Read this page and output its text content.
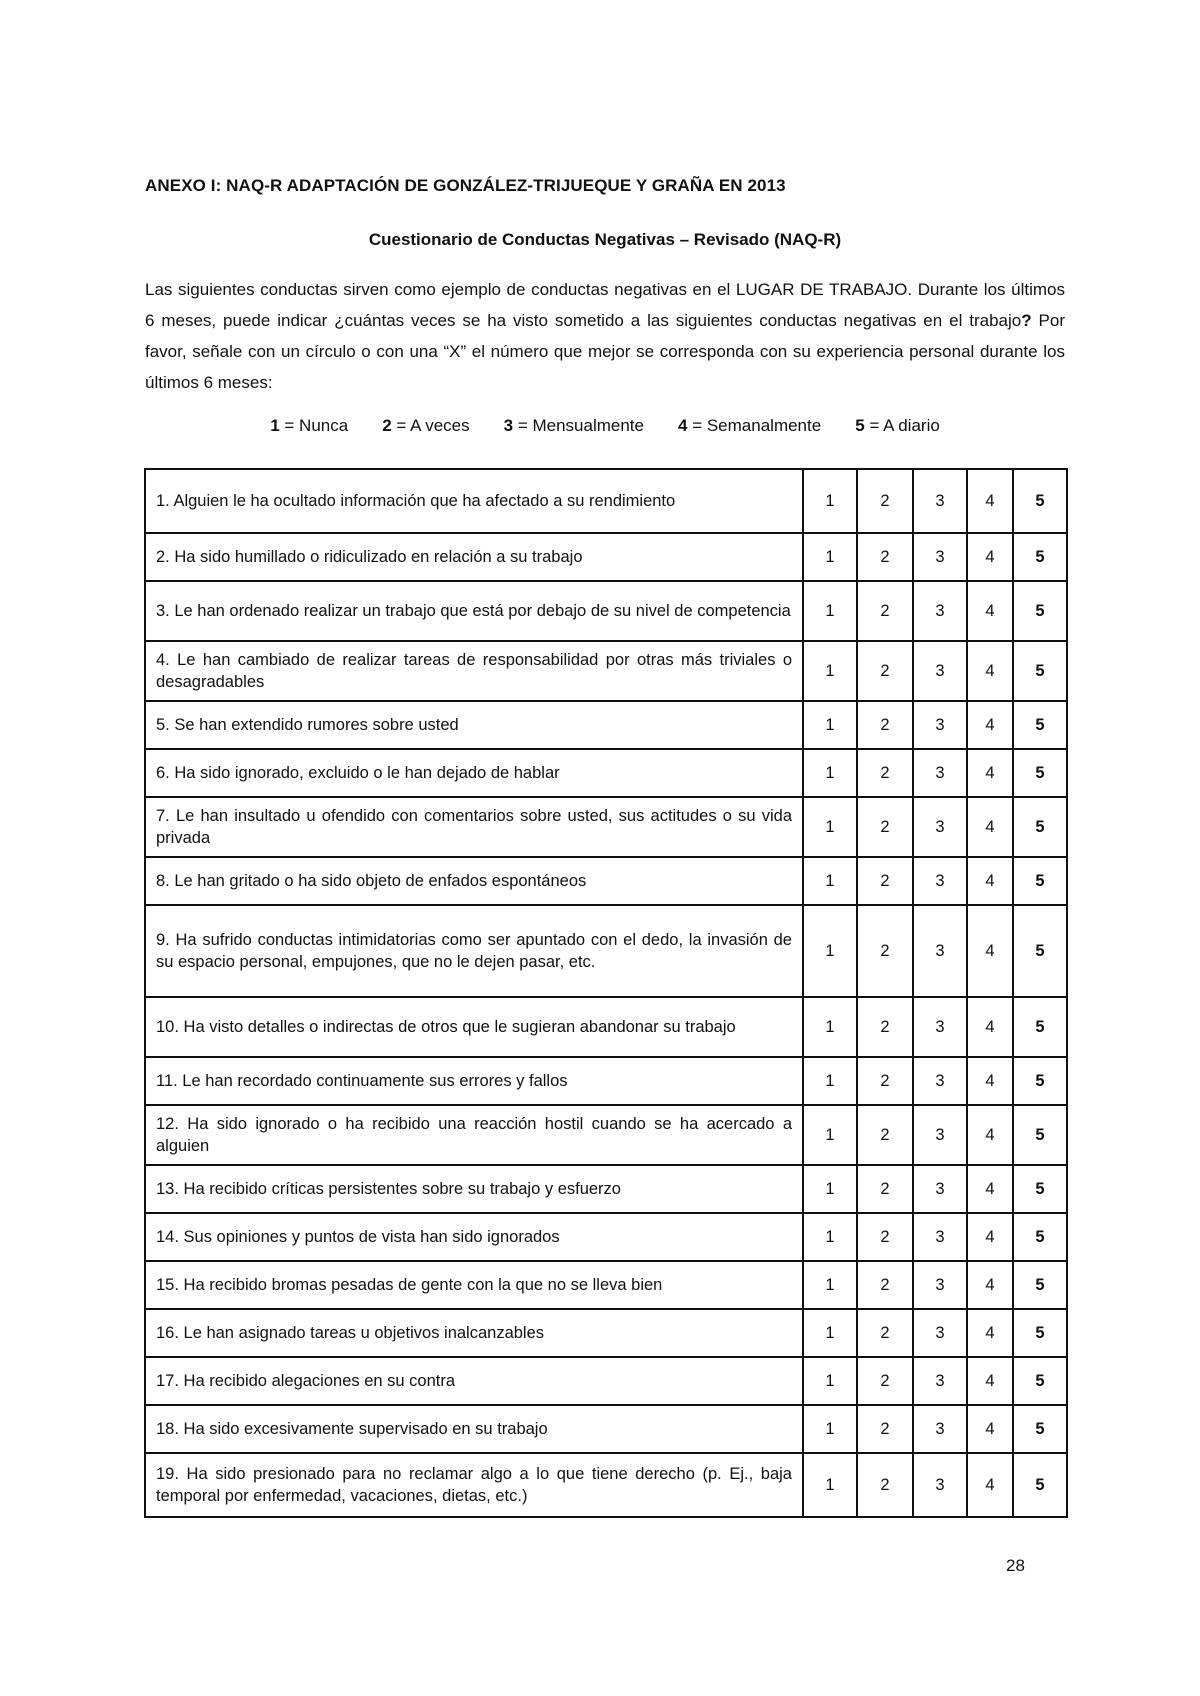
ANEXO I: NAQ-R ADAPTACIÓN DE GONZÁLEZ-TRIJUEQUE Y GRAÑA EN 2013
Cuestionario de Conductas Negativas – Revisado (NAQ-R)
Las siguientes conductas sirven como ejemplo de conductas negativas en el LUGAR DE TRABAJO. Durante los últimos 6 meses, puede indicar ¿cuántas veces se ha visto sometido a las siguientes conductas negativas en el trabajo? Por favor, señale con un círculo o con una “X” el número que mejor se corresponda con su experiencia personal durante los últimos 6 meses:
1 = Nunca 2 = A veces 3 = Mensualmente 4 = Semanalmente 5 = A diario
1. Alguien le ha ocultado información que ha afectado a su rendimiento	1	2	3	4	5
2. Ha sido humillado o ridiculizado en relación a su trabajo	1	2	3	4	5
3. Le han ordenado realizar un trabajo que está por debajo de su nivel de competencia	1	2	3	4	5
4. Le han cambiado de realizar tareas de responsabilidad por otras más triviales o desagradables	1	2	3	4	5
5. Se han extendido rumores sobre usted	1	2	3	4	5
6. Ha sido ignorado, excluido o le han dejado de hablar	1	2	3	4	5
7. Le han insultado u ofendido con comentarios sobre usted, sus actitudes o su vida privada	1	2	3	4	5
8. Le han gritado o ha sido objeto de enfados espontáneos	1	2	3	4	5
9. Ha sufrido conductas intimidatorias como ser apuntado con el dedo, la invasión de su espacio personal, empujones, que no le dejen pasar, etc.	1	2	3	4	5
10. Ha visto detalles o indirectas de otros que le sugieran abandonar su trabajo	1	2	3	4	5
11. Le han recordado continuamente sus errores y fallos	1	2	3	4	5
12. Ha sido ignorado o ha recibido una reacción hostil cuando se ha acercado a alguien	1	2	3	4	5
13. Ha recibido críticas persistentes sobre su trabajo y esfuerzo	1	2	3	4	5
14. Sus opiniones y puntos de vista han sido ignorados	1	2	3	4	5
15. Ha recibido bromas pesadas de gente con la que no se lleva bien	1	2	3	4	5
16. Le han asignado tareas u objetivos inalcanzables	1	2	3	4	5
17. Ha recibido alegaciones en su contra	1	2	3	4	5
18. Ha sido excesivamente supervisado en su trabajo	1	2	3	4	5
19. Ha sido presionado para no reclamar algo a lo que tiene derecho (p. Ej., baja temporal por enfermedad, vacaciones, dietas, etc.)	1	2	3	4	5
28
